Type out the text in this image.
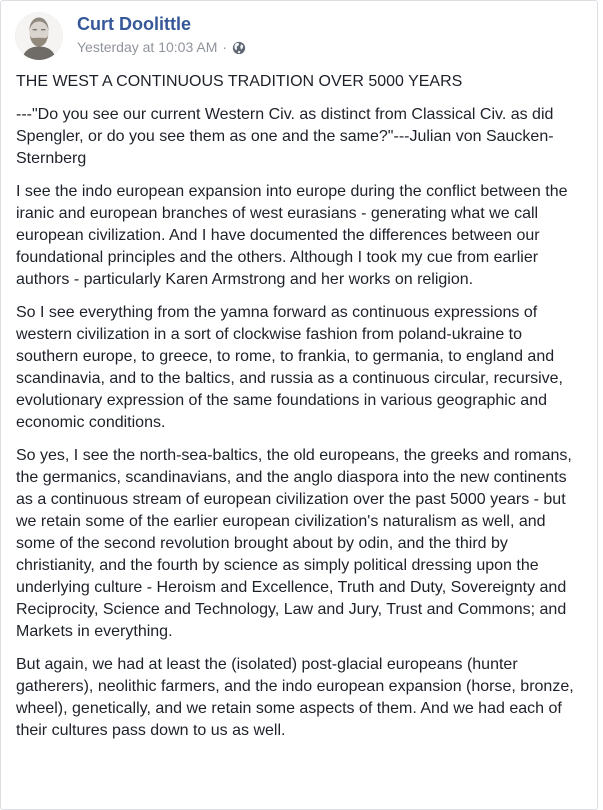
Curt Doolittle
Yesterday at 10:03 AM ·

THE WEST A CONTINUOUS TRADITION OVER 5000 YEARS

---"Do you see our current Western Civ. as distinct from Classical Civ. as did Spengler, or do you see them as one and the same?"---Julian von Saucken-Sternberg

I see the indo european expansion into europe during the conflict between the iranic and european branches of west eurasians - generating what we call european civilization. And I have documented the differences between our foundational principles and the others. Although I took my cue from earlier authors - particularly Karen Armstrong and her works on religion.

So I see everything from the yamna forward as continuous expressions of western civilization in a sort of clockwise fashion from poland-ukraine to southern europe, to greece, to rome, to frankia, to germania, to england and scandinavia, and to the baltics, and russia as a continuous circular, recursive, evolutionary expression of the same foundations in various geographic and economic conditions.

So yes, I see the north-sea-baltics, the old europeans, the greeks and romans, the germanics, scandinavians, and the anglo diaspora into the new continents as a continuous stream of european civilization over the past 5000 years - but we retain some of the earlier european civilization's naturalism as well, and some of the second revolution brought about by odin, and the third by christianity, and the fourth by science as simply political dressing upon the underlying culture - Heroism and Excellence, Truth and Duty, Sovereignty and Reciprocity, Science and Technology, Law and Jury, Trust and Commons; and Markets in everything.

But again, we had at least the (isolated) post-glacial europeans (hunter gatherers), neolithic farmers, and the indo european expansion (horse, bronze, wheel), genetically, and we retain some aspects of them. And we had each of their cultures pass down to us as well.
